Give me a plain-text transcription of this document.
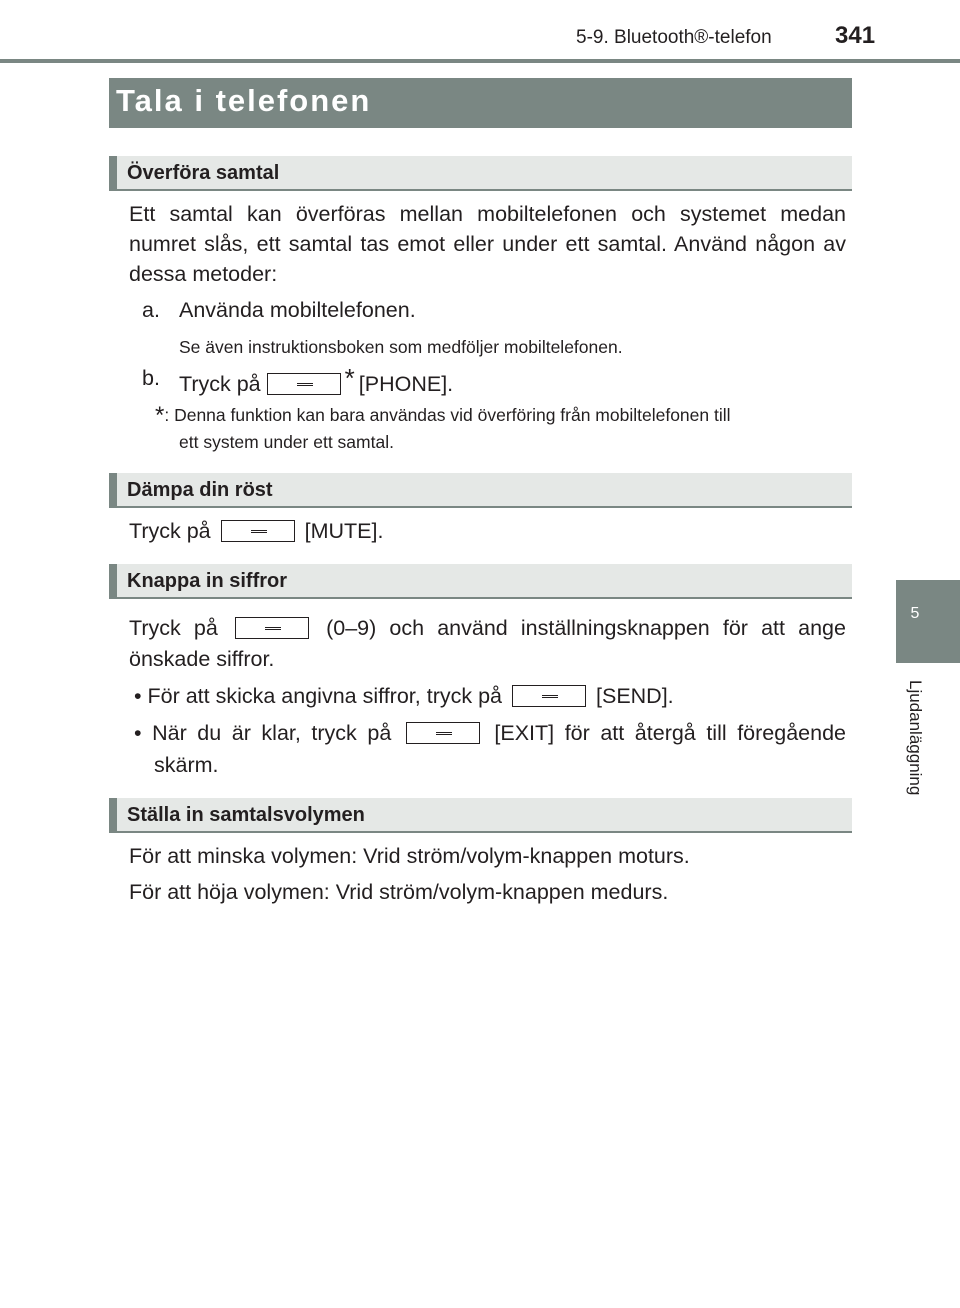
5-9. Bluetooth®-telefon	341
5
Ljudanläggning
Tala i telefonen
Överföra samtal
Ett samtal kan överföras mellan mobiltelefonen och systemet medan numret slås, ett samtal tas emot eller under ett samtal. Använd någon av dessa metoder:
a. Använda mobiltelefonen.
Se även instruktionsboken som medföljer mobiltelefonen.
b. Tryck på	* [PHONE].
*: Denna funktion kan bara användas vid överföring från mobiltelefonen till
ett system under ett samtal.
Dämpa din röst
Tryck på	[MUTE].
Knappa in siffror
Tryck på	(0–9) och använd inställningsknappen för att ange
önskade siffror.
• För att skicka angivna siffror, tryck på	[SEND].
• När du är klar, tryck på	[EXIT] för att återgå till föregående
skärm.
Ställa in samtalsvolymen
För att minska volymen: Vrid ström/volym-knappen moturs.
För att höja volymen: Vrid ström/volym-knappen medurs.
